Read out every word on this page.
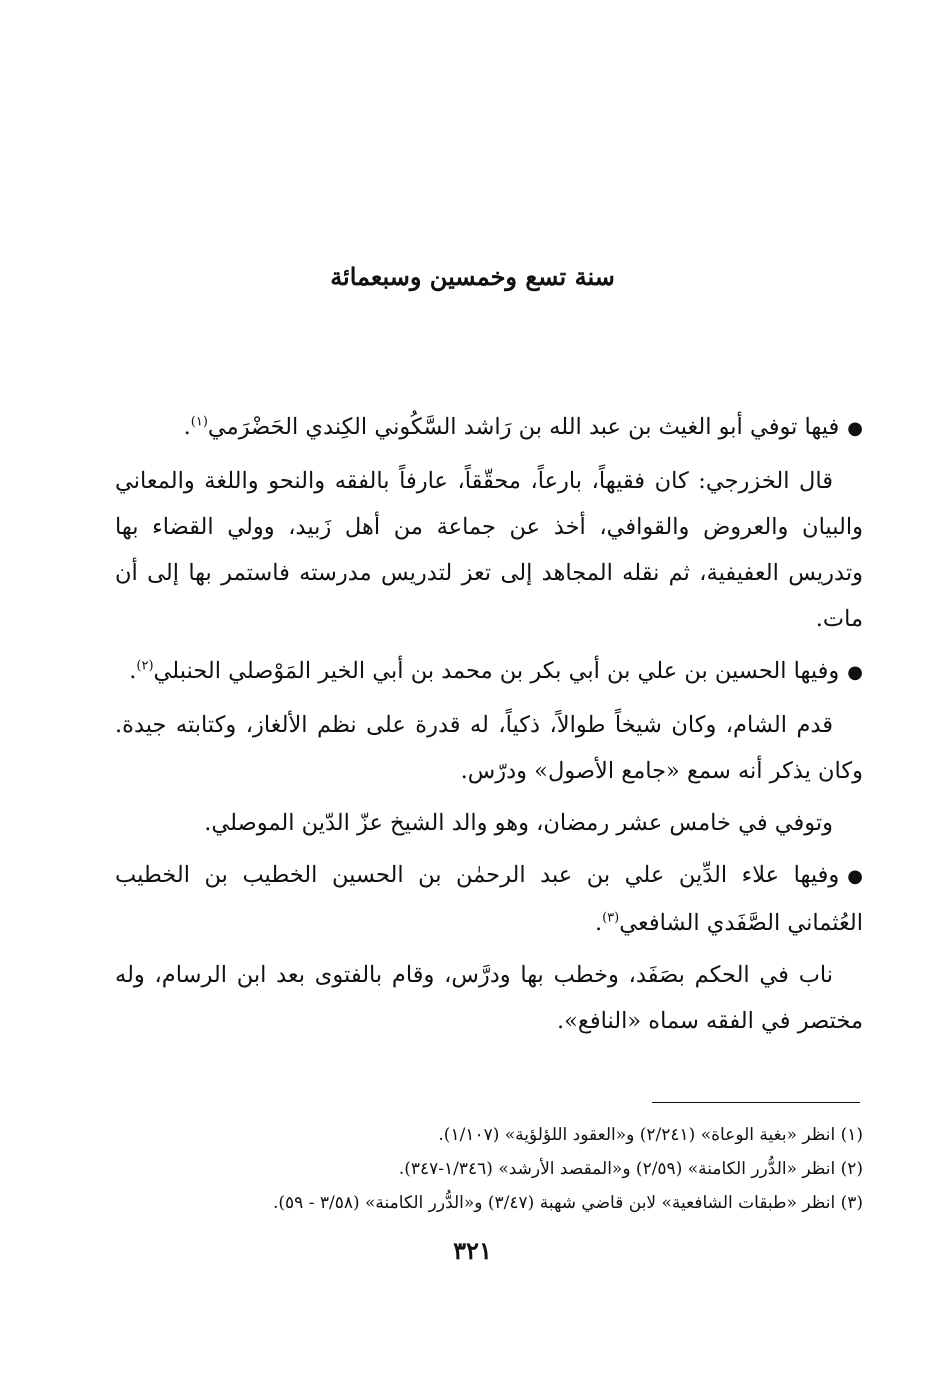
سنة تسع وخمسين وسبعمائة

●فيها توفي أبو الغيث بن عبد الله بن رَاشد السَّكُوني الكِندي الحَضْرَمي$^{(١)}$.

قال الخزرجي: كان فقيهاً، بارعاً، محقّقاً، عارفاً بالفقه والنحو واللغة والمعاني والبيان والعروض والقوافي، أخذ عن جماعة من أهل زَبيد، وولي القضاء بها وتدريس العفيفية، ثم نقله المجاهد إلى تعز لتدريس مدرسته فاستمر بها إلى أن مات.

●وفيها الحسين بن علي بن أبي بكر بن محمد بن أبي الخير المَوْصلي الحنبلي$^{(٢)}$.

قدم الشام، وكان شيخاً طوالاً، ذكياً، له قدرة على نظم الألغاز، وكتابته جيدة. وكان يذكر أنه سمع «جامع الأصول» ودرّس.

وتوفي في خامس عشر رمضان، وهو والد الشيخ عزّ الدّين الموصلي.

●وفيها علاء الدِّين علي بن عبد الرحمٰن بن الحسين الخطيب بن الخطيب العُثماني الصَّفَدي الشافعي$^{(٣)}$.

ناب في الحكم بصَفَد، وخطب بها ودرَّس، وقام بالفتوى بعد ابن الرسام، وله مختصر في الفقه سماه «النافع».

(١) انظر «بغية الوعاة» (٢/٢٤١) و«العقود اللؤلؤية» (١/١٠٧).

(٢) انظر «الدُّرر الكامنة» (٢/٥٩) و«المقصد الأرشد» (١/٣٤٦-٣٤٧).

(٣) انظر «طبقات الشافعية» لابن قاضي شهبة (٣/٤٧) و«الدُّرر الكامنة» (٣/٥٨ - ٥٩).

٣٢١
